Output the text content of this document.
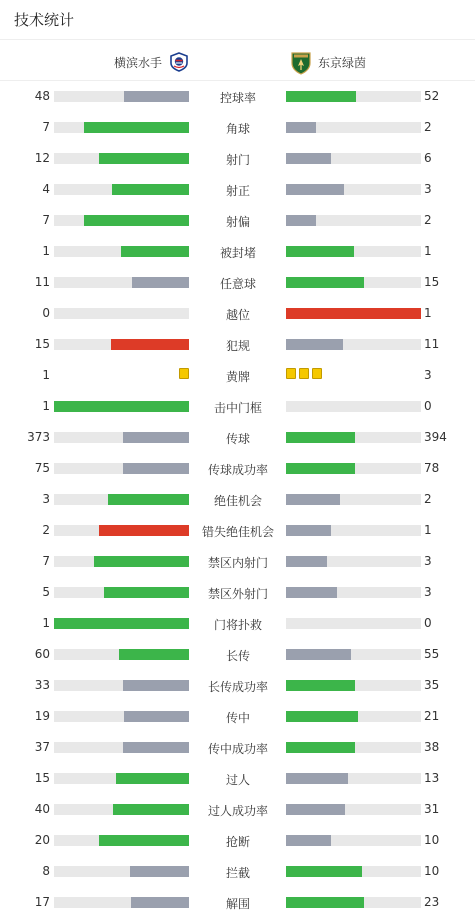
技术统计
横滨水手	东京绿茵
48	控球率	52
7	角球	2
12	射门	6
4	射正	3
7	射偏	2
1	被封堵	1
11	任意球	15
0	越位	1
15	犯规	11
1	黄牌	3
1	击中门框	0
373	传球	394
75	传球成功率	78
3	绝佳机会	2
2	错失绝佳机会	1
7	禁区内射门	3
5	禁区外射门	3
1	门将扑救	0
60	长传	55
33	长传成功率	35
19	传中	21
37	传中成功率	38
15	过人	13
40	过人成功率	31
20	抢断	10
8	拦截	10
17	解围	23
